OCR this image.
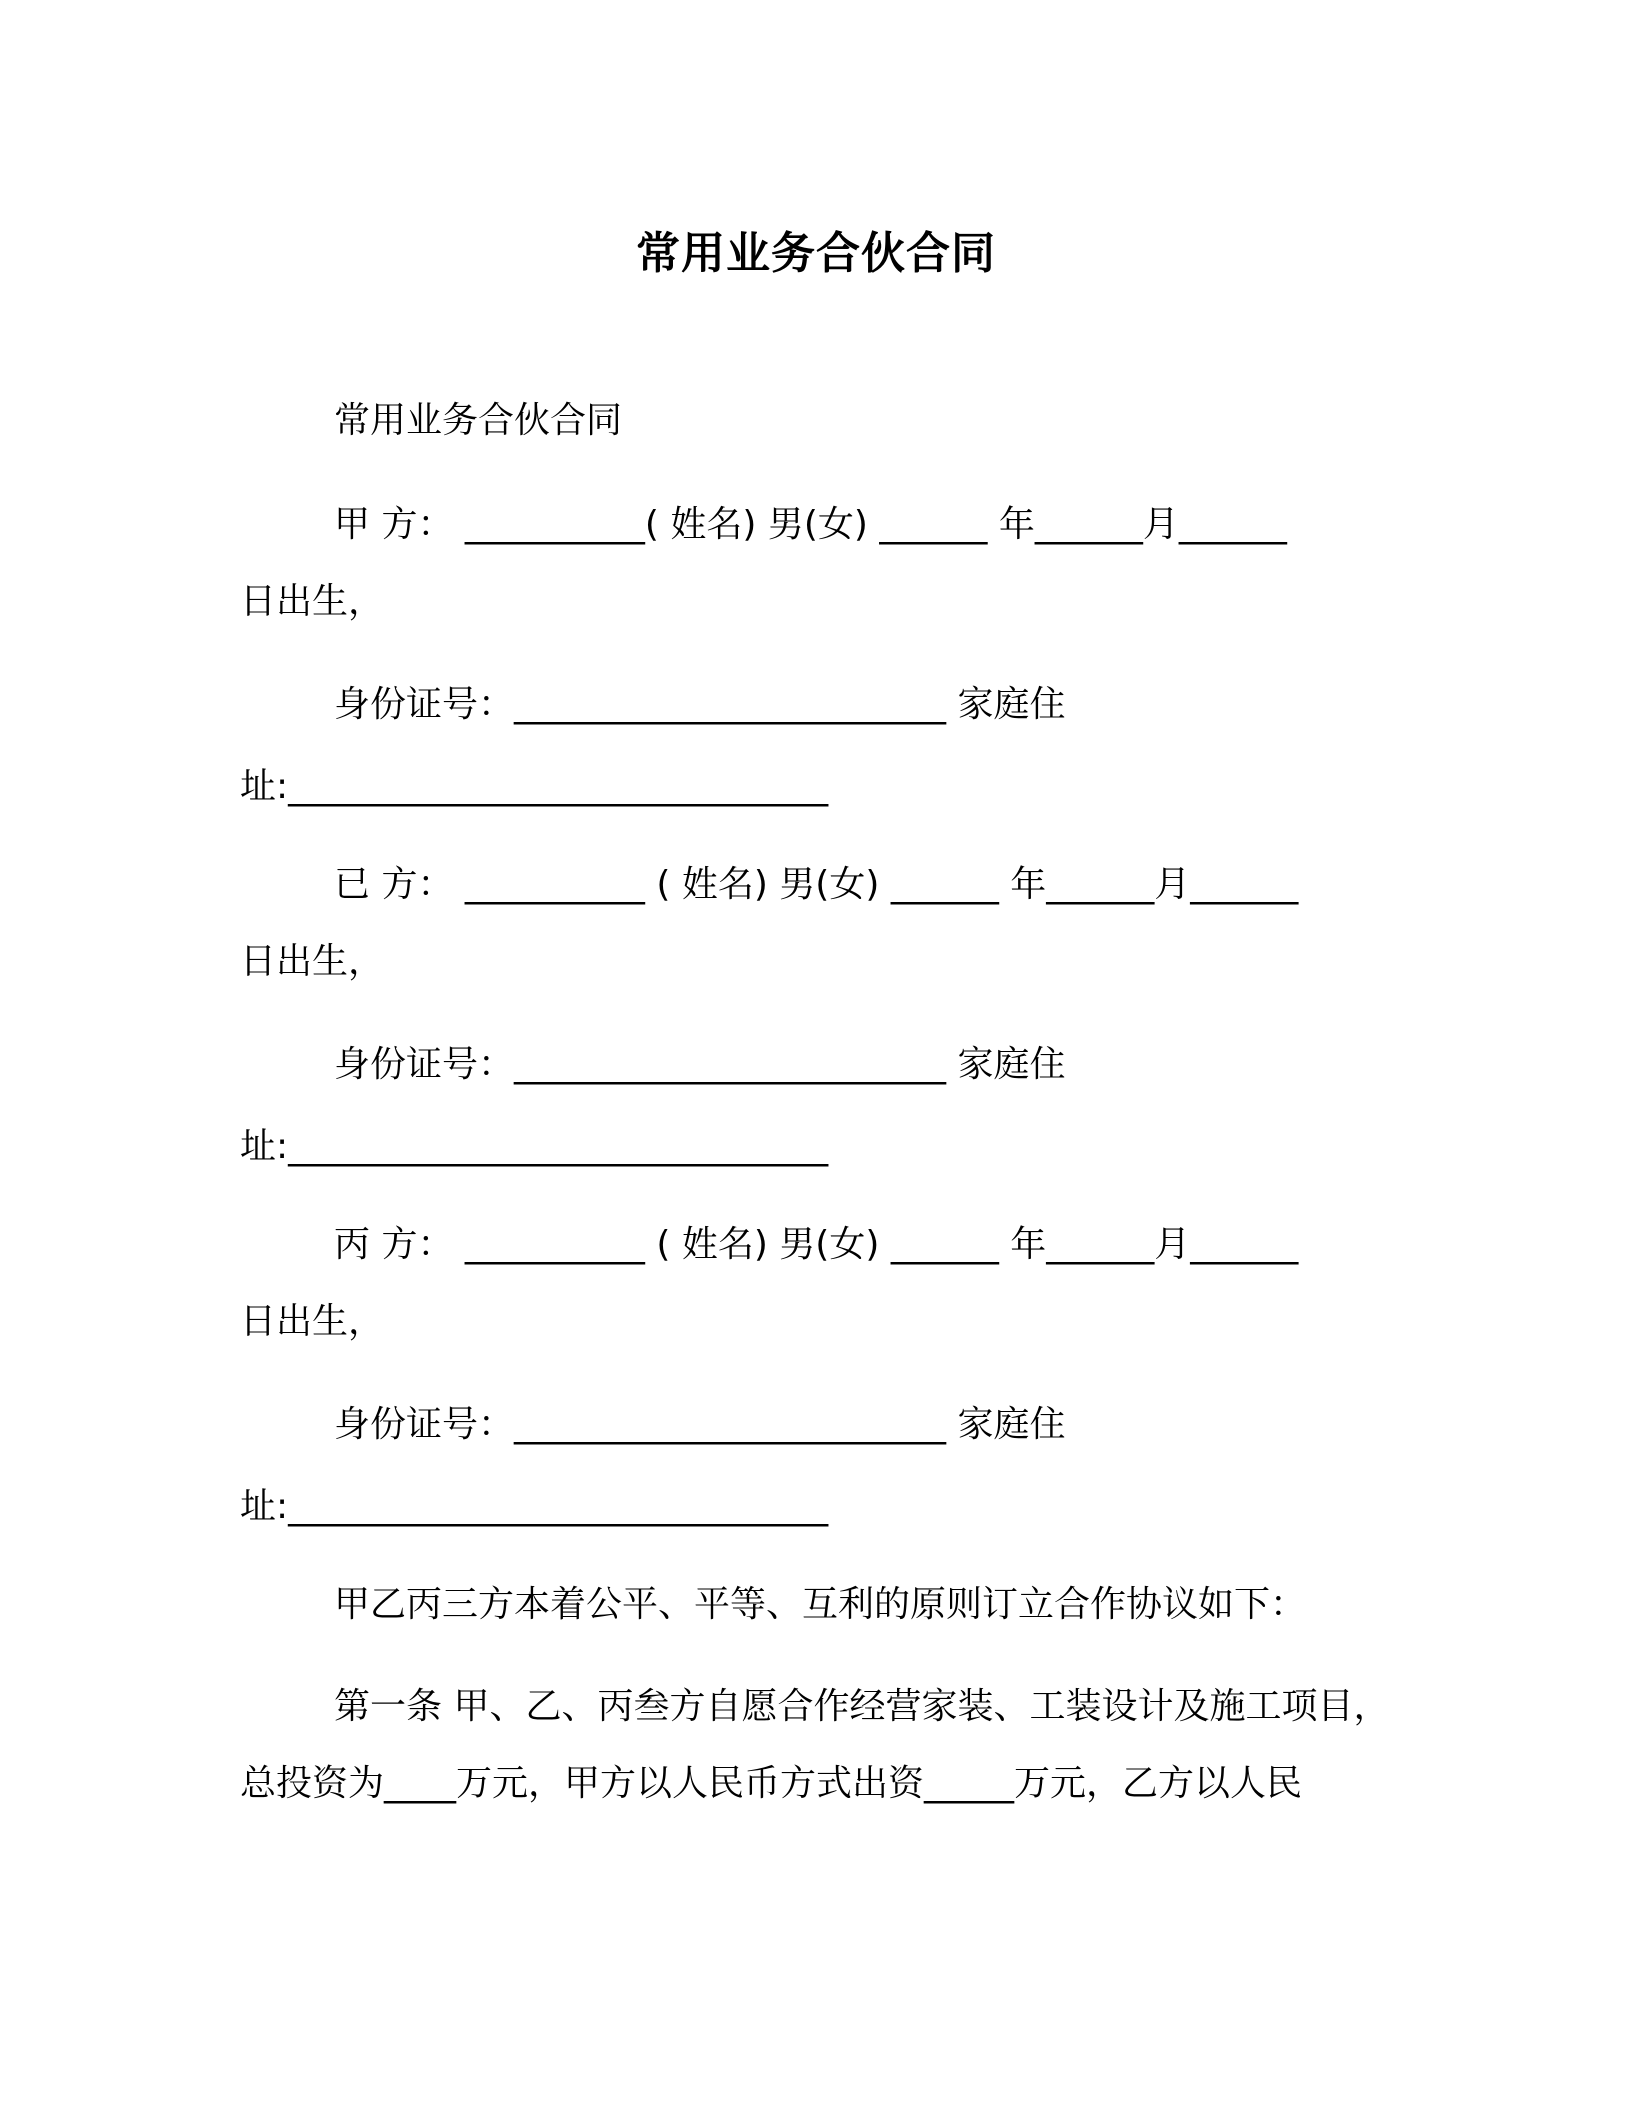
常用业务合伙合同
常用业务合伙合同
甲 方： __________( 姓名) 男(女) ______ 年______月______
日出生，
身份证号：________________________ 家庭住
址:______________________________
已 方： __________ ( 姓名) 男(女) ______ 年______月______
日出生，
身份证号：________________________ 家庭住
址:______________________________
丙 方： __________ ( 姓名) 男(女) ______ 年______月______
日出生，
身份证号：________________________ 家庭住
址:______________________________
甲乙丙三方本着公平、平等、互利的原则订立合作协议如下：
第一条 甲、乙、丙叁方自愿合作经营家装、工装设计及施工项目，
总投资为____万元，甲方以人民币方式出资_____万元，乙方以人民
